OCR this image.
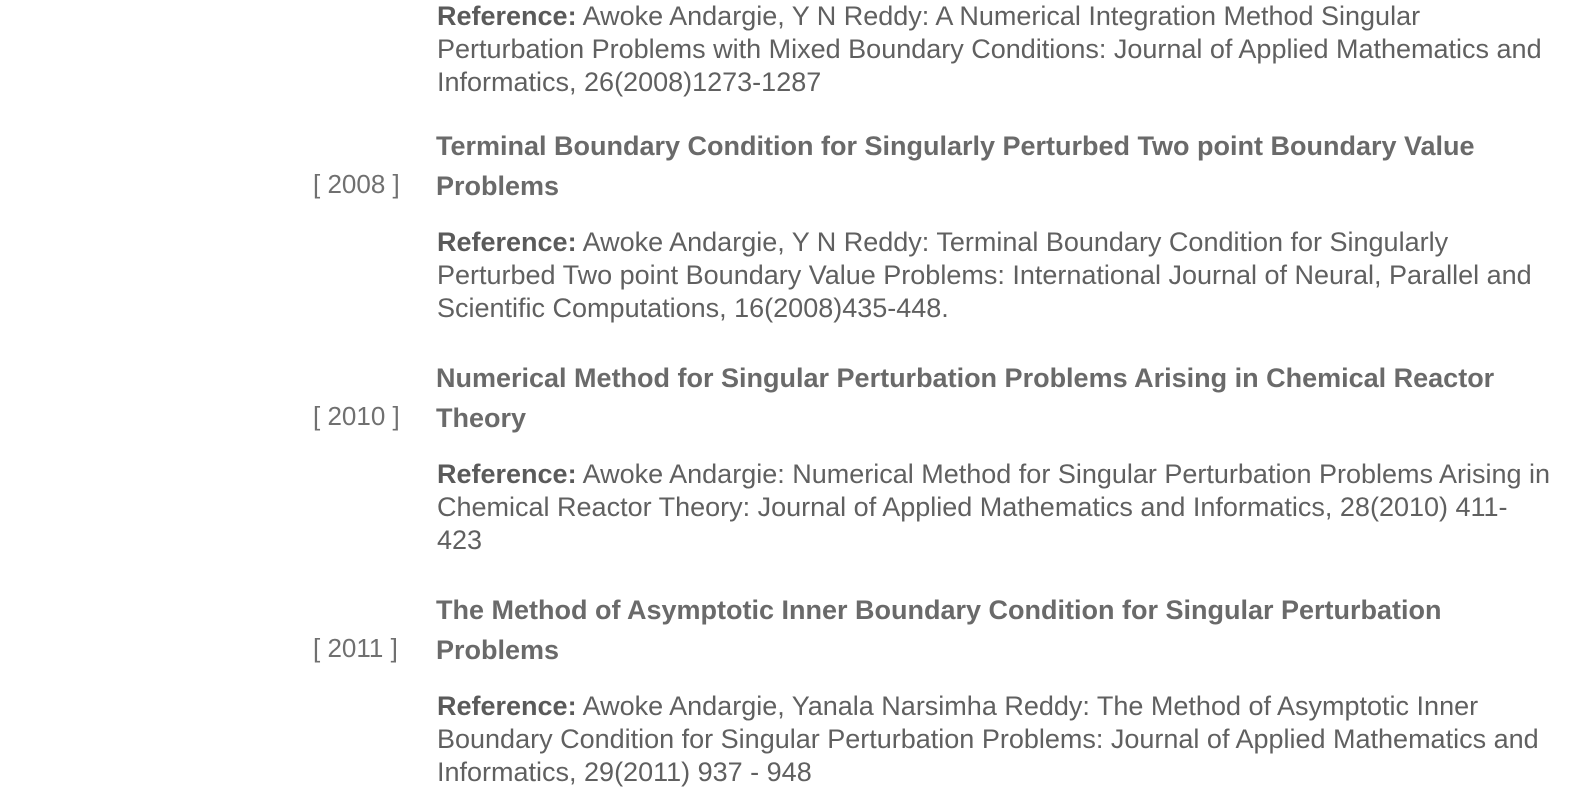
Reference: Awoke Andargie, Y N Reddy: A Numerical Integration Method Singular Perturbation Problems with Mixed Boundary Conditions: Journal of Applied Mathematics and Informatics, 26(2008)1273-1287

[ 2008 ]
Terminal Boundary Condition for Singularly Perturbed Two point Boundary Value Problems

Reference: Awoke Andargie, Y N Reddy: Terminal Boundary Condition for Singularly Perturbed Two point Boundary Value Problems: International Journal of Neural, Parallel and Scientific Computations, 16(2008)435-448.

[ 2010 ]
Numerical Method for Singular Perturbation Problems Arising in Chemical Reactor Theory

Reference: Awoke Andargie: Numerical Method for Singular Perturbation Problems Arising in Chemical Reactor Theory: Journal of Applied Mathematics and Informatics, 28(2010) 411- 423

[ 2011 ]
The Method of Asymptotic Inner Boundary Condition for Singular Perturbation Problems

Reference: Awoke Andargie, Yanala Narsimha Reddy: The Method of Asymptotic Inner Boundary Condition for Singular Perturbation Problems: Journal of Applied Mathematics and Informatics, 29(2011) 937 - 948
